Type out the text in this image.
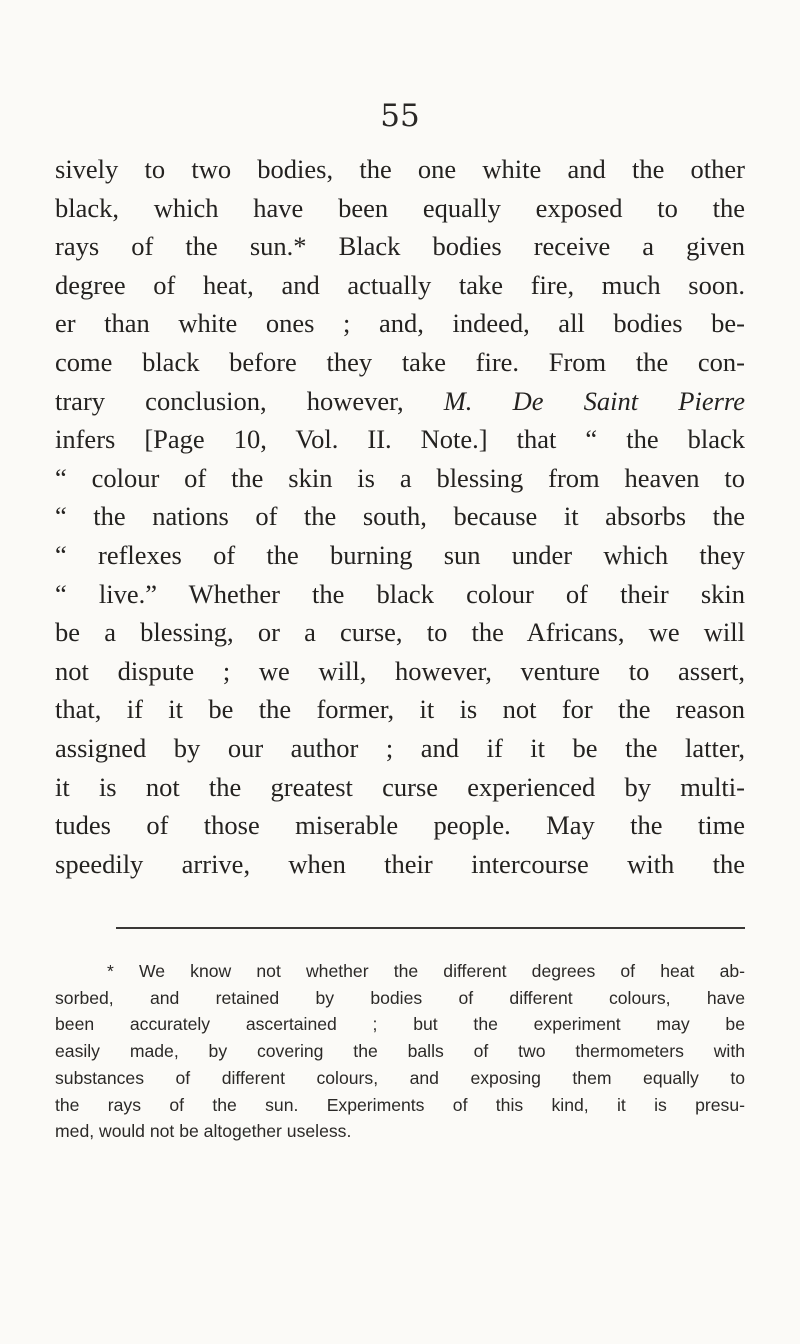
55
sively to two bodies, the one white and the other
black, which have been equally exposed to the
rays of the sun.* Black bodies receive a given
degree of heat, and actually take fire, much soon.
er than white ones ; and, indeed, all bodies be-
come black before they take fire. From the con-
trary conclusion, however, M. De Saint Pierre
infers [Page 10, Vol. II. Note.] that “ the black
“ colour of the skin is a blessing from heaven to
“ the nations of the south, because it absorbs the
“ reflexes of the burning sun under which they
“ live.” Whether the black colour of their skin
be a blessing, or a curse, to the Africans, we will
not dispute ; we will, however, venture to assert,
that, if it be the former, it is not for the reason
assigned by our author ; and if it be the latter,
it is not the greatest curse experienced by multi-
tudes of those miserable people. May the time
speedily arrive, when their intercourse with the
* We know not whether the different degrees of heat ab-
sorbed, and retained by bodies of different colours, have
been accurately ascertained ; but the experiment may be
easily made, by covering the balls of two thermometers with
substances of different colours, and exposing them equally to
the rays of the sun. Experiments of this kind, it is presu-
med, would not be altogether useless.
